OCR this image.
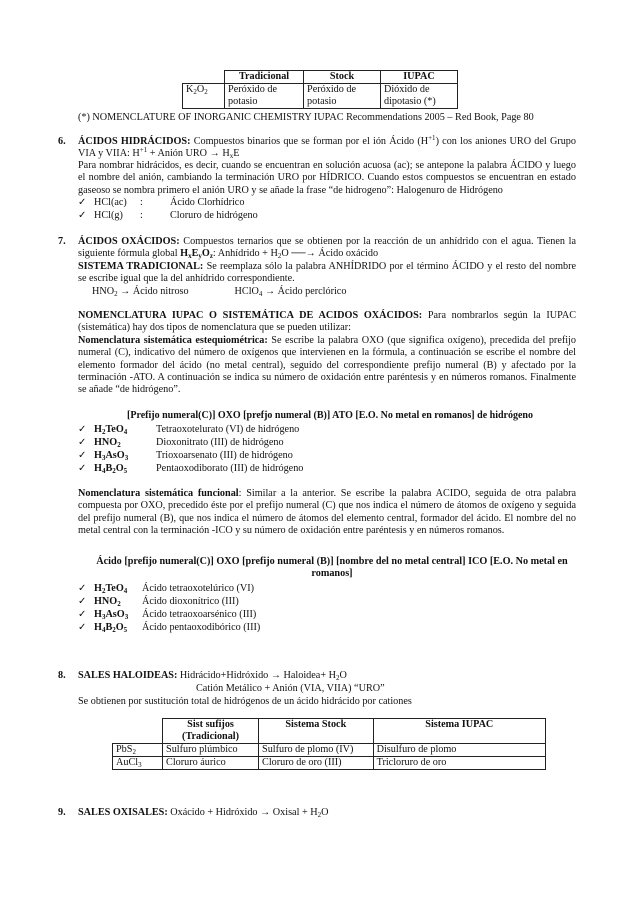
	Tradicional	Stock	IUPAC
$K_2O_2$	Peróxido de potasio	Peróxido de potasio	Dióxido de dipotasio (*)
(*) NOMENCLATURE OF INORGANIC CHEMISTRY IUPAC Recommendations 2005 – Red Book, Page 80
6. ÁCIDOS HIDRÁCIDOS: Compuestos binarios que se forman por el ión Ácido $(H^{+1})$ con los aniones URO del Grupo VIA y VIIA: $H^{+1}$ + Anión URO → $H_xE$
Para nombrar hidrácidos, es decir, cuando se encuentran en solución acuosa (ac); se antepone la palabra ÁCIDO y luego el nombre del anión, cambiando la terminación URO por HÍDRICO. Cuando estos compuestos se encuentran en estado gaseoso se nombra primero el anión URO y se añade la frase “de hidrogeno”: Halogenuro de Hidrógeno
✓ HCl(ac) :	Ácido Clorhídrico
✓ HCl(g) :	Cloruro de hidrógeno
7. ÁCIDOS OXÁCIDOS: Compuestos ternarios que se obtienen por la reacción de un anhídrido con el agua. Tienen la siguiente fórmula global $H_xE_yO_z$: Anhídrido + $H_2O$ ──→ Ácido oxácido
SISTEMA TRADICIONAL: Se reemplaza sólo la palabra ANHÍDRIDO por el término ÁCIDO y el resto del nombre se escribe igual que la del anhídrido correspondiente.
$HNO_2$ → Ácido nitroso	HClO$_4$ → Ácido perclórico
NOMENCLATURA IUPAC O SISTEMÁTICA DE ACIDOS OXÁCIDOS: Para nombrarlos según la IUPAC (sistemática) hay dos tipos de nomenclatura que se pueden utilizar:
Nomenclatura sistemática estequiométrica: Se escribe la palabra OXO (que significa oxígeno), precedida del prefijo numeral (C), indicativo del número de oxígenos que intervienen en la fórmula, a continuación se escribe el nombre del elemento formador del ácido (no metal central), seguido del correspondiente prefijo numeral (B) y afectado por la terminación -ATO. A continuación se indica su número de oxidación entre paréntesis y en números romanos. Finalmente se añade “de hidrógeno”.
[Prefijo numeral(C)] OXO [prefjo numeral (B)] ATO [E.O. No metal en romanos] de hidrógeno
✓ $H_2TeO_4$	Tetraoxotelurato (VI) de hidrógeno
✓ $HNO_2$	Dioxonitrato (III) de hidrógeno
✓ $H_3AsO_3$	Trioxoarsenato (III) de hidrógeno
✓ $H_4B_2O_5$	Pentaoxodiborato (III) de hidrógeno
Nomenclatura sistemática funcional: Similar a la anterior. Se escribe la palabra ACIDO, seguida de otra palabra compuesta por OXO, precedido éste por el prefijo numeral (C) que nos indica el número de átomos de oxígeno y seguida del prefijo numeral (B), que nos indica el número de átomos del elemento central, formador del ácido. El nombre del no metal central con la terminación -ICO y su número de oxidación entre paréntesis y en números romanos.
Ácido [prefijo numeral(C)] OXO [prefijo numeral (B)] [nombre del no metal central] ICO [E.O. No metal en romanos]
✓ $H_2TeO_4$ Ácido tetraoxotelúrico (VI)
✓ $HNO_2$ Ácido dioxonítrico (III)
✓ $H_3AsO_3$ Ácido tetraoxoarsénico (III)
✓ $H_4B_2O_5$ Ácido pentaoxodibórico (III)
8. SALES HALOIDEAS: Hidrácido+Hidróxido → Haloidea+ $H_2O$
Catión Metálico + Anión (VIA, VIIA) “URO”
Se obtienen por sustitución total de hidrógenos de un ácido hidrácido por cationes
	Sist sufijos (Tradicional)	Sistema Stock	Sistema IUPAC
PbS$_2$	Sulfuro plúmbico	Sulfuro de plomo (IV)	Disulfuro de plomo
AuCl$_3$	Cloruro áurico	Cloruro de oro (III)	Tricloruro de oro
9. SALES OXISALES: Oxácido + Hidróxido → Oxisal + $H_2O$
